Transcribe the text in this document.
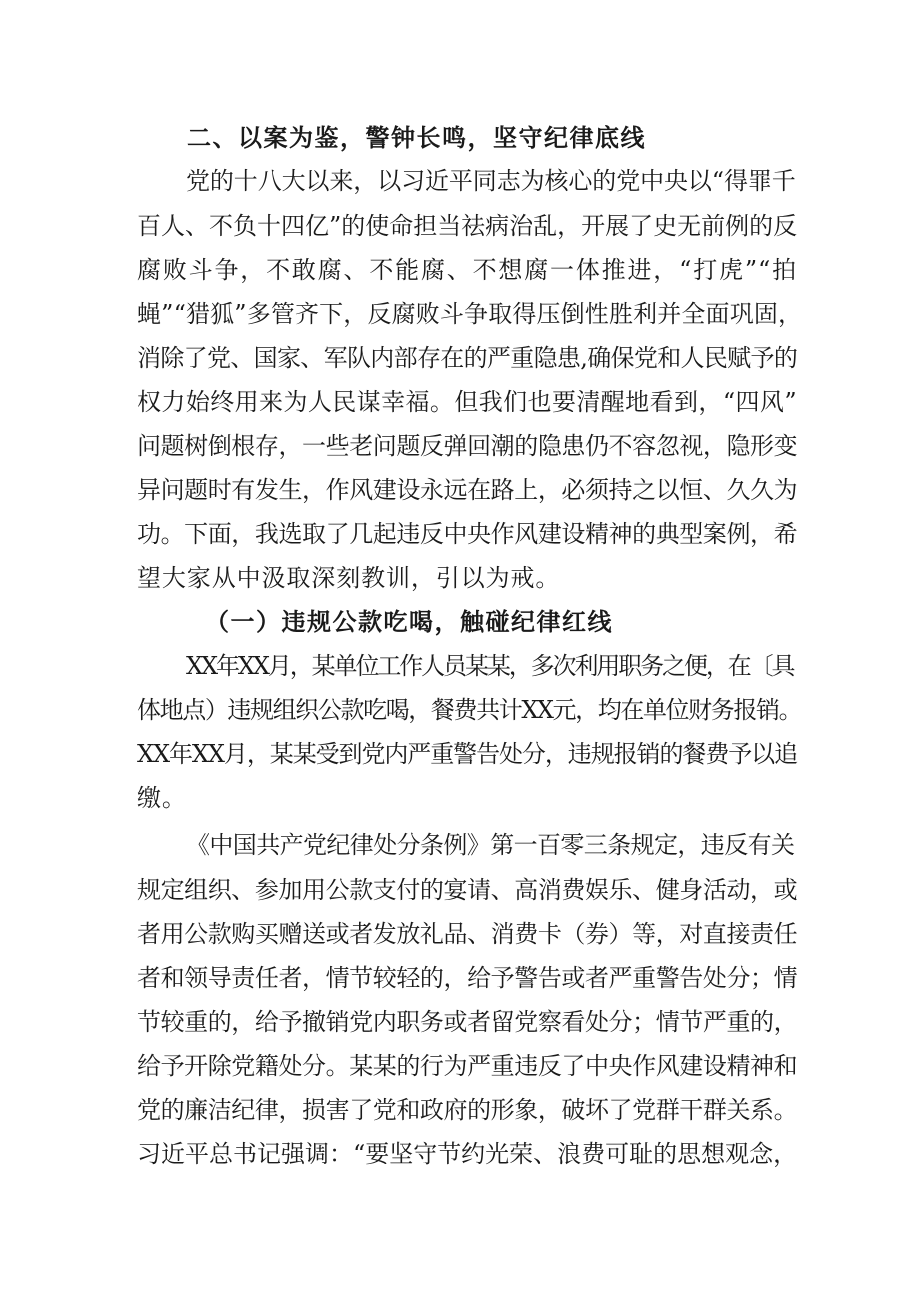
二、以案为鉴，警钟长鸣，坚守纪律底线
党的十八大以来，以习近平同志为核心的党中央以“得罪千
百人、不负十四亿”的使命担当祛病治乱，开展了史无前例的反
腐败斗争，不敢腐、不能腐、不想腐一体推进，“打虎”“拍
蝇”“猎狐”多管齐下，反腐败斗争取得压倒性胜利并全面巩固，
消除了党、国家、军队内部存在的严重隐患,确保党和人民赋予的
权力始终用来为人民谋幸福。但我们也要清醒地看到，“四风”
问题树倒根存，一些老问题反弹回潮的隐患仍不容忽视，隐形变
异问题时有发生，作风建设永远在路上，必须持之以恒、久久为
功。下面，我选取了几起违反中央作风建设精神的典型案例，希
望大家从中汲取深刻教训，引以为戒。
（一）违规公款吃喝，触碰纪律红线
XX年XX月，某单位工作人员某某，多次利用职务之便，在〔具
体地点）违规组织公款吃喝，餐费共计XX元，均在单位财务报销。
XX年XX月，某某受到党内严重警告处分，违规报销的餐费予以追
缴。
《中国共产党纪律处分条例》第一百零三条规定，违反有关
规定组织、参加用公款支付的宴请、高消费娱乐、健身活动，或
者用公款购买赠送或者发放礼品、消费卡（券）等，对直接责任
者和领导责任者，情节较轻的，给予警告或者严重警告处分；情
节较重的，给予撤销党内职务或者留党察看处分；情节严重的，
给予开除党籍处分。某某的行为严重违反了中央作风建设精神和
党的廉洁纪律，损害了党和政府的形象，破坏了党群干群关系。
习近平总书记强调：“要坚守节约光荣、浪费可耻的思想观念，
